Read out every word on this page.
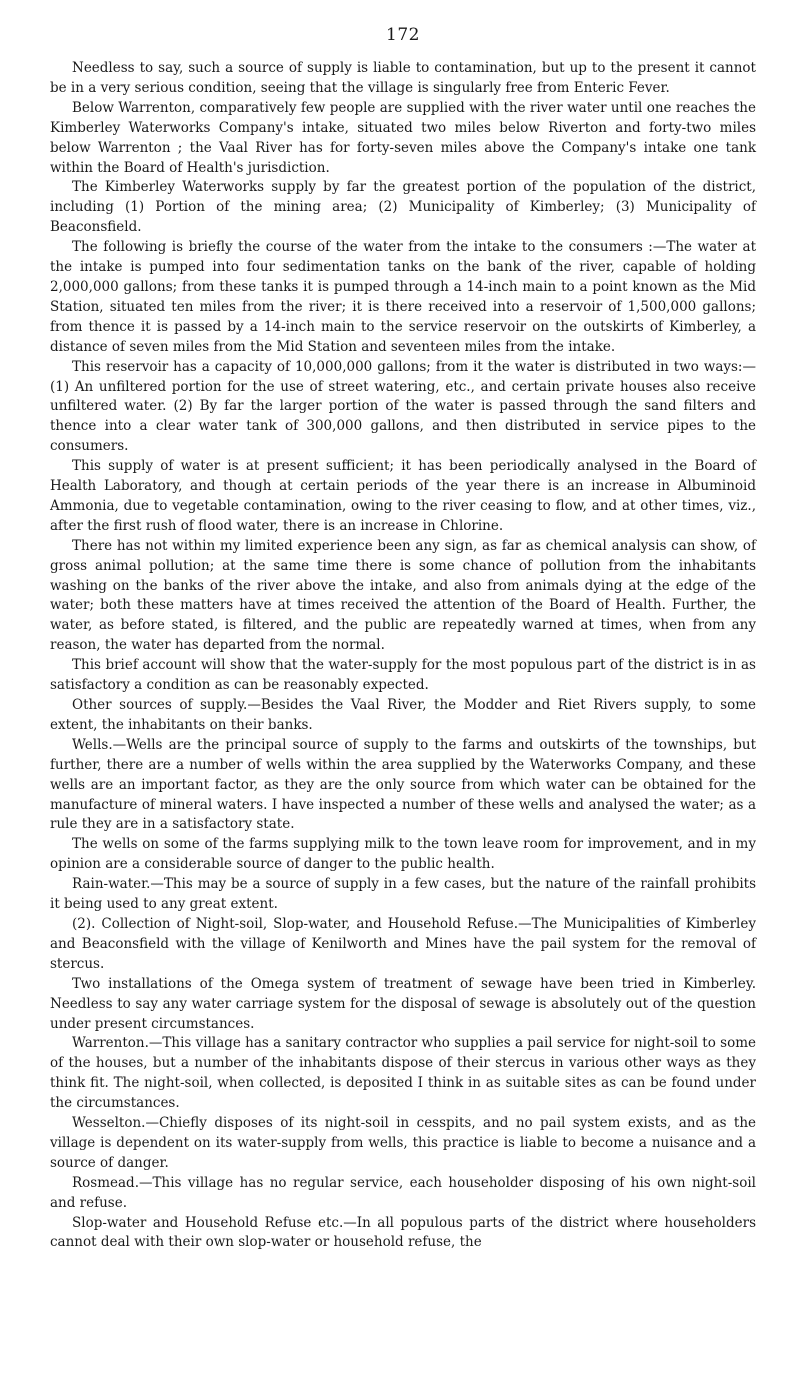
172

Needless to say, such a source of supply is liable to contamination, but up to the present it cannot be in a very serious condition, seeing that the village is singularly free from Enteric Fever.

Below Warrenton, comparatively few people are supplied with the river water until one reaches the Kimberley Waterworks Company's intake, situated two miles below Riverton and forty-two miles below Warrenton ; the Vaal River has for forty-seven miles above the Company's intake one tank within the Board of Health's jurisdiction.

The Kimberley Waterworks supply by far the greatest portion of the population of the district, including (1) Portion of the mining area; (2) Municipality of Kimberley; (3) Municipality of Beaconsfield.

The following is briefly the course of the water from the intake to the consumers :—The water at the intake is pumped into four sedimentation tanks on the bank of the river, capable of holding 2,000,000 gallons; from these tanks it is pumped through a 14-inch main to a point known as the Mid Station, situated ten miles from the river; it is there received into a reservoir of 1,500,000 gallons; from thence it is passed by a 14-inch main to the service reservoir on the outskirts of Kimberley, a distance of seven miles from the Mid Station and seventeen miles from the intake.

This reservoir has a capacity of 10,000,000 gallons; from it the water is distributed in two ways:—(1) An unfiltered portion for the use of street watering, etc., and certain private houses also receive unfiltered water. (2) By far the larger portion of the water is passed through the sand filters and thence into a clear water tank of 300,000 gallons, and then distributed in service pipes to the consumers.

This supply of water is at present sufficient; it has been periodically analysed in the Board of Health Laboratory, and though at certain periods of the year there is an increase in Albuminoid Ammonia, due to vegetable contamination, owing to the river ceasing to flow, and at other times, viz., after the first rush of flood water, there is an increase in Chlorine.

There has not within my limited experience been any sign, as far as chemical analysis can show, of gross animal pollution; at the same time there is some chance of pollution from the inhabitants washing on the banks of the river above the intake, and also from animals dying at the edge of the water; both these matters have at times received the attention of the Board of Health. Further, the water, as before stated, is filtered, and the public are repeatedly warned at times, when from any reason, the water has departed from the normal.

This brief account will show that the water-supply for the most populous part of the district is in as satisfactory a condition as can be reasonably expected.

Other sources of supply.—Besides the Vaal River, the Modder and Riet Rivers supply, to some extent, the inhabitants on their banks.

Wells.—Wells are the principal source of supply to the farms and outskirts of the townships, but further, there are a number of wells within the area supplied by the Waterworks Company, and these wells are an important factor, as they are the only source from which water can be obtained for the manufacture of mineral waters. I have inspected a number of these wells and analysed the water; as a rule they are in a satisfactory state.

The wells on some of the farms supplying milk to the town leave room for improvement, and in my opinion are a considerable source of danger to the public health.

Rain-water.—This may be a source of supply in a few cases, but the nature of the rainfall prohibits it being used to any great extent.

(2). Collection of Night-soil, Slop-water, and Household Refuse.—The Municipalities of Kimberley and Beaconsfield with the village of Kenilworth and Mines have the pail system for the removal of stercus.

Two installations of the Omega system of treatment of sewage have been tried in Kimberley. Needless to say any water carriage system for the disposal of sewage is absolutely out of the question under present circumstances.

Warrenton.—This village has a sanitary contractor who supplies a pail service for night-soil to some of the houses, but a number of the inhabitants dispose of their stercus in various other ways as they think fit. The night-soil, when collected, is deposited I think in as suitable sites as can be found under the circumstances.

Wesselton.—Chiefly disposes of its night-soil in cesspits, and no pail system exists, and as the village is dependent on its water-supply from wells, this practice is liable to become a nuisance and a source of danger.

Rosmead.—This village has no regular service, each householder disposing of his own night-soil and refuse.

Slop-water and Household Refuse etc.—In all populous parts of the district where householders cannot deal with their own slop-water or household refuse, the
